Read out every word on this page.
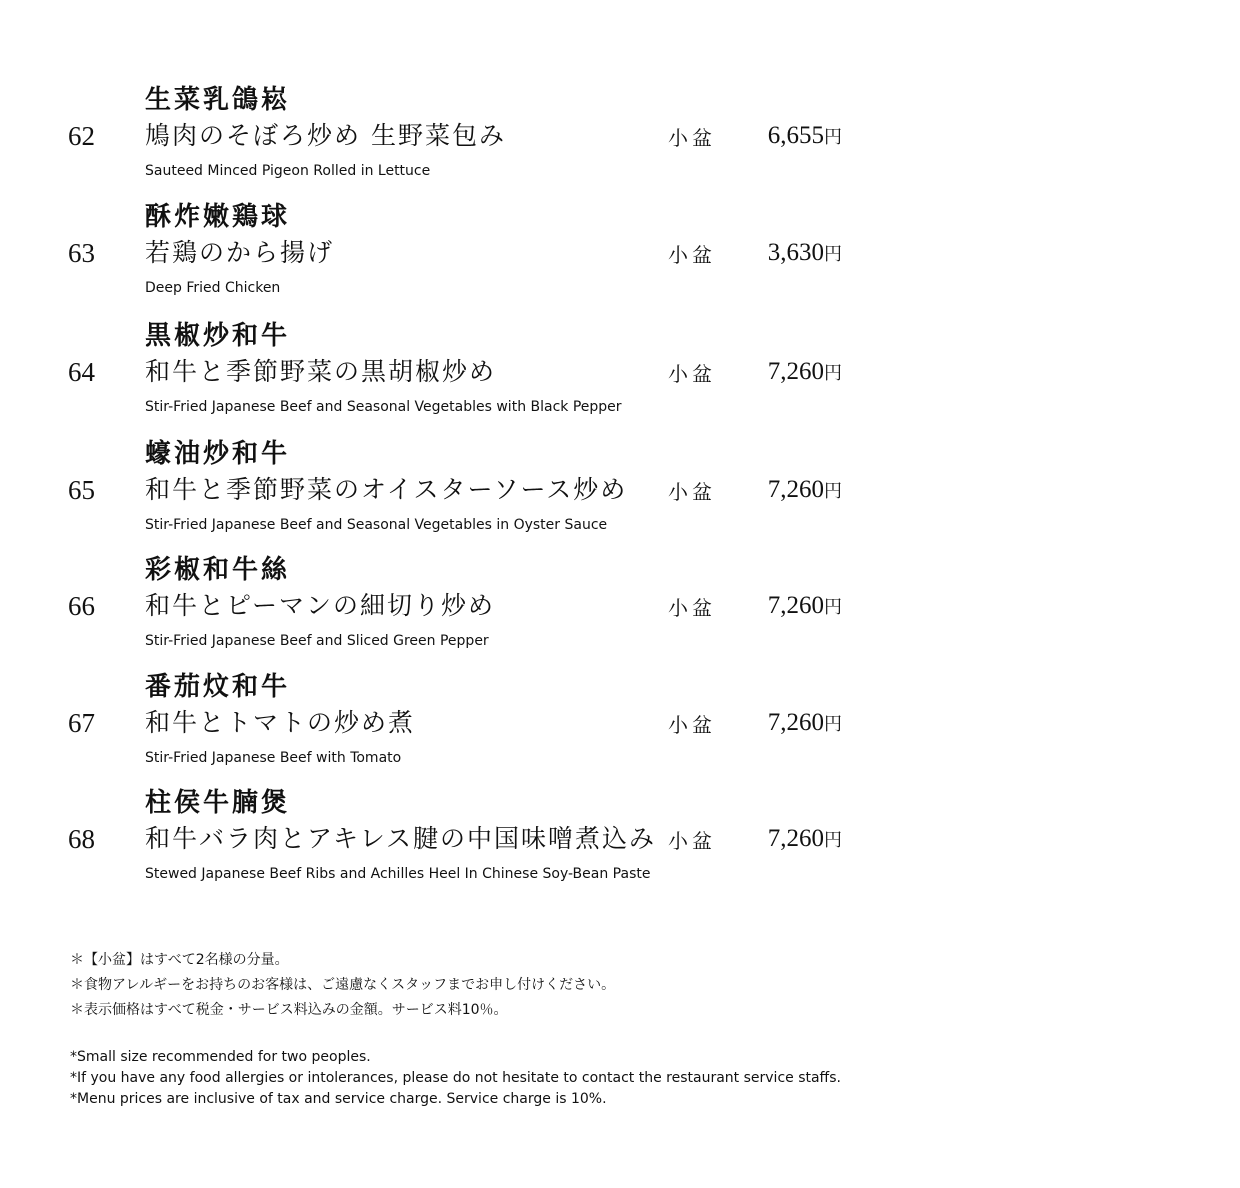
生菜乳鴿崧
62 鳩肉のそぼろ炒め 生野菜包み	小盆 6,655円
Sauteed Minced Pigeon Rolled in Lettuce
酥炸嫩鶏球
63 若鶏のから揚げ	小盆 3,630円
Deep Fried Chicken
黒椒炒和牛
64 和牛と季節野菜の黒胡椒炒め	小盆 7,260円
Stir-Fried Japanese Beef and Seasonal Vegetables with Black Pepper
蠔油炒和牛
65 和牛と季節野菜のオイスターソース炒め 小盆 7,260円
Stir-Fried Japanese Beef and Seasonal Vegetables in Oyster Sauce
彩椒和牛絲
66 和牛とピーマンの細切り炒め	小盆 7,260円
Stir-Fried Japanese Beef and Sliced Green Pepper
番茄炆和牛
67 和牛とトマトの炒め煮	小盆 7,260円
Stir-Fried Japanese Beef with Tomato
柱侯牛腩煲
68 和牛バラ肉とアキレス腱の中国味噌煮込み 小盆 7,260円
Stewed Japanese Beef Ribs and Achilles Heel In Chinese Soy-Bean Paste
＊【小盆】はすべて2名様の分量。
＊食物アレルギーをお持ちのお客様は、ご遠慮なくスタッフまでお申し付けください。
＊表示価格はすべて税金・サービス料込みの金額。サービス料10％。
*Small size recommended for two peoples.
*If you have any food allergies or intolerances, please do not hesitate to contact the restaurant service staffs.
*Menu prices are inclusive of tax and service charge. Service charge is 10%.
